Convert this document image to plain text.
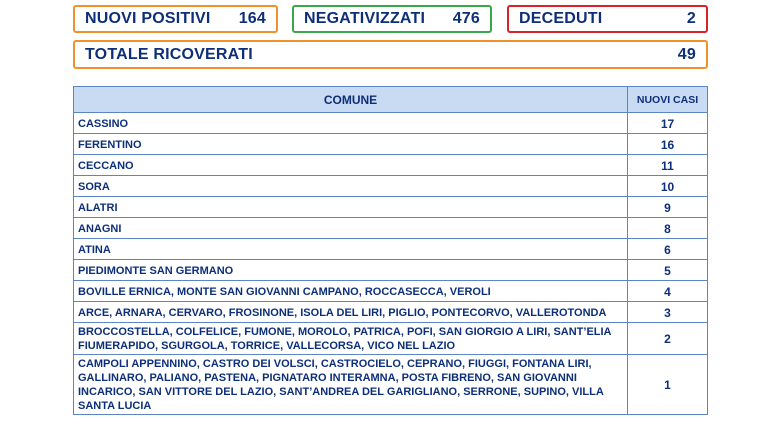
NUOVI POSITIVI 164 NEGATIVIZZATI 476 DECEDUTI	2
TOTALE RICOVERATI	49
COMUNE	NUOVI CASI
CASSINO	17
FERENTINO	16
CECCANO	11
SORA	10
ALATRI	9
ANAGNI	8
ATINA	6
PIEDIMONTE SAN GERMANO	5
BOVILLE ERNICA, MONTE SAN GIOVANNI CAMPANO, ROCCASECCA, VEROLI	4
ARCE, ARNARA, CERVARO, FROSINONE, ISOLA DEL LIRI, PIGLIO, PONTECORVO, VALLEROTONDA	3
BROCCOSTELLA, COLFELICE, FUMONE, MOROLO, PATRICA, POFI, SAN GIORGIO A LIRI, SANT’ELIA FIUMERAPIDO, SGURGOLA, TORRICE, VALLECORSA, VICO NEL LAZIO	2
CAMPOLI APPENNINO, CASTRO DEI VOLSCI, CASTROCIELO, CEPRANO, FIUGGI, FONTANA LIRI, GALLINARO, PALIANO, PASTENA, PIGNATARO INTERAMNA, POSTA FIBRENO, SAN GIOVANNI INCARICO, SAN VITTORE DEL LAZIO, SANT’ANDREA DEL GARIGLIANO, SERRONE, SUPINO, VILLA SANTA LUCIA	1
